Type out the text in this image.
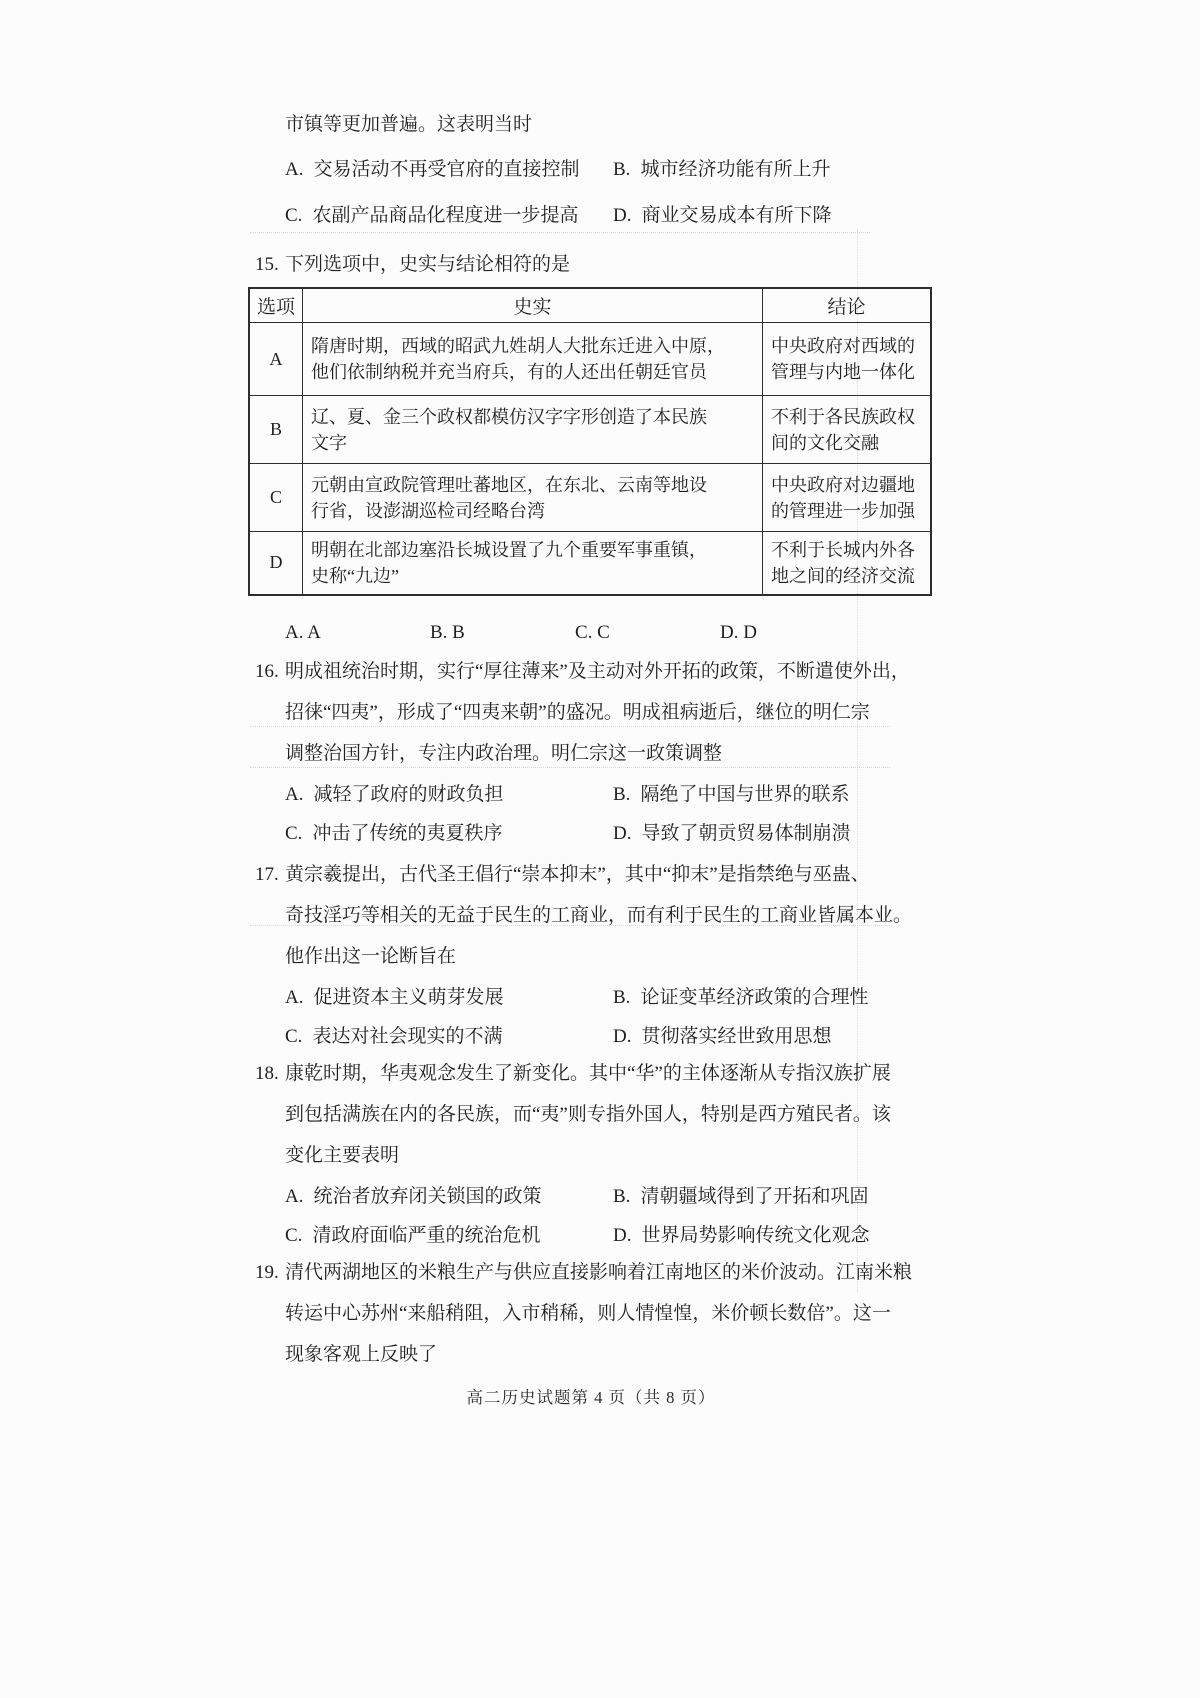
市镇等更加普遍。这表明当时
A. 交易活动不再受官府的直接控制	B. 城市经济功能有所上升
C. 农副产品商品化程度进一步提高	D. 商业交易成本有所下降
15. 下列选项中，史实与结论相符的是
选项	史实	结论
A	隋唐时期，西域的昭武九姓胡人大批东迁进入中原，
他们依制纳税并充当府兵，有的人还出任朝廷官员	中央政府对西域的
管理与内地一体化

B	辽、夏、金三个政权都模仿汉字字形创造了本民族
文字	不利于各民族政权
间的文化交融

C	元朝由宣政院管理吐蕃地区，在东北、云南等地设
行省，设澎湖巡检司经略台湾	中央政府对边疆地
的管理进一步加强

D	明朝在北部边塞沿长城设置了九个重要军事重镇，
史称“九边”	不利于长城内外各
地之间的经济交流
A. A	B. B	C. C	D. D
16. 明成祖统治时期，实行“厚往薄来”及主动对外开拓的政策，不断遣使外出，
招徕“四夷”，形成了“四夷来朝”的盛况。明成祖病逝后，继位的明仁宗
调整治国方针，专注内政治理。明仁宗这一政策调整
A. 减轻了政府的财政负担	B. 隔绝了中国与世界的联系
C. 冲击了传统的夷夏秩序	D. 导致了朝贡贸易体制崩溃
17. 黄宗羲提出，古代圣王倡行“崇本抑末”，其中“抑末”是指禁绝与巫蛊、
奇技淫巧等相关的无益于民生的工商业，而有利于民生的工商业皆属本业。
他作出这一论断旨在
A. 促进资本主义萌芽发展	B. 论证变革经济政策的合理性
C. 表达对社会现实的不满	D. 贯彻落实经世致用思想
18. 康乾时期，华夷观念发生了新变化。其中“华”的主体逐渐从专指汉族扩展
到包括满族在内的各民族，而“夷”则专指外国人，特别是西方殖民者。该
变化主要表明
A. 统治者放弃闭关锁国的政策	B. 清朝疆域得到了开拓和巩固
C. 清政府面临严重的统治危机	D. 世界局势影响传统文化观念
19. 清代两湖地区的米粮生产与供应直接影响着江南地区的米价波动。江南米粮
转运中心苏州“来船稍阻，入市稍稀，则人情惶惶，米价顿长数倍”。这一
现象客观上反映了
高二历史试题第 4 页（共 8 页）
